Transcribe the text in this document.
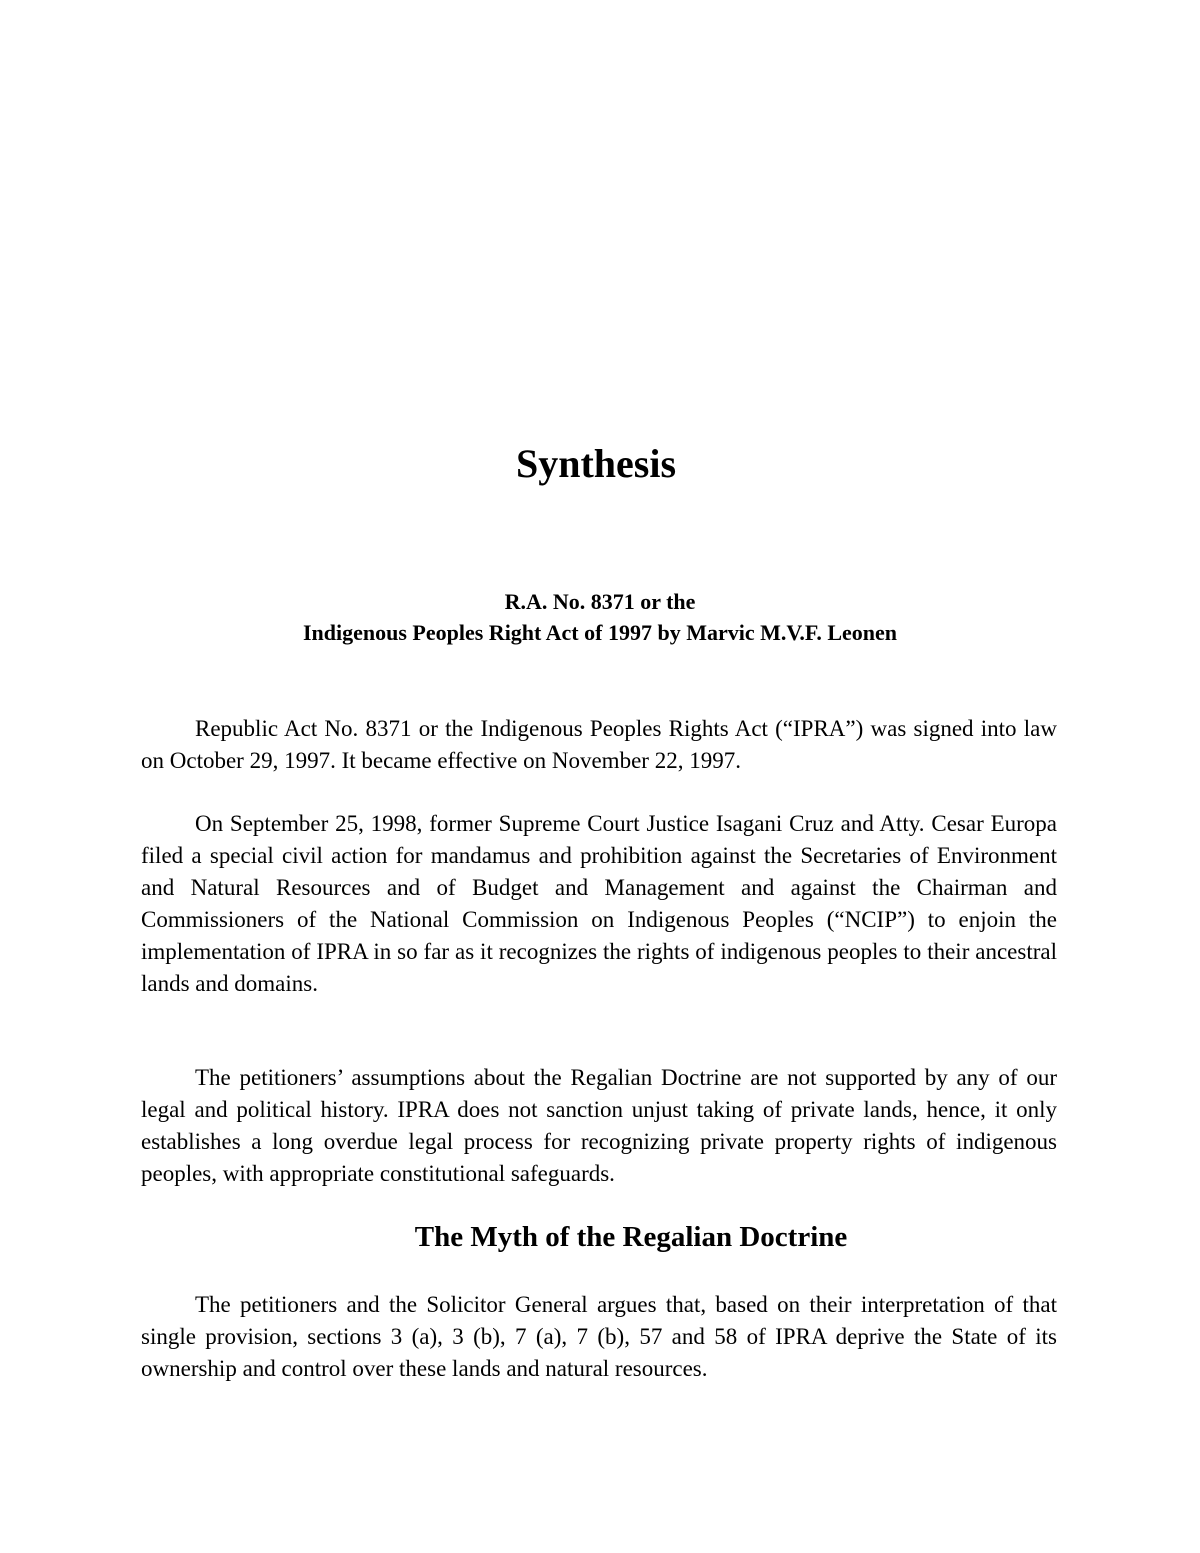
Synthesis
R.A. No. 8371 or the
Indigenous Peoples Right Act of 1997 by Marvic M.V.F. Leonen

Republic Act No. 8371 or the Indigenous Peoples Rights Act (“IPRA”) was signed into law on October 29, 1997. It became effective on November 22, 1997.

On September 25, 1998, former Supreme Court Justice Isagani Cruz and Atty. Cesar Europa filed a special civil action for mandamus and prohibition against the Secretaries of Environment and Natural Resources and of Budget and Management and against the Chairman and Commissioners of the National Commission on Indigenous Peoples (“NCIP”) to enjoin the implementation of IPRA in so far as it recognizes the rights of indigenous peoples to their ancestral lands and domains.

The petitioners’ assumptions about the Regalian Doctrine are not supported by any of our legal and political history. IPRA does not sanction unjust taking of private lands, hence, it only establishes a long overdue legal process for recognizing private property rights of indigenous peoples, with appropriate constitutional safeguards.

The Myth of the Regalian Doctrine

The petitioners and the Solicitor General argues that, based on their interpretation of that single provision, sections 3 (a), 3 (b), 7 (a), 7 (b), 57 and 58 of IPRA deprive the State of its ownership and control over these lands and natural resources.
